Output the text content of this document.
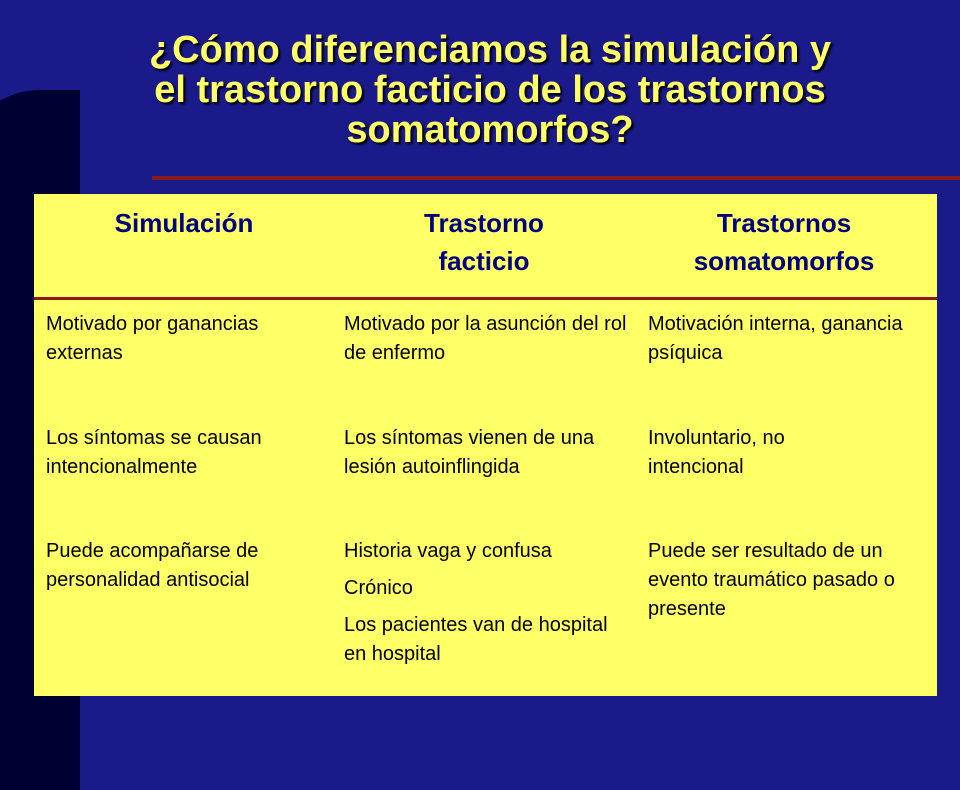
¿Cómo diferenciamos la simulación y
el trastorno facticio de los trastornos
somatomorfos?
Simulación	Trastorno
facticio
Trastornos
somatomorfos

Motivado por ganancias externas

Motivado por la asunción del rol de enfermo

Motivación interna, ganancia psíquica

Los síntomas se causan intencionalmente

Los síntomas vienen de una lesión autoinflingida

Involuntario, no intencional

Puede acompañarse de personalidad antisocial

Historia vaga y confusa

Crónico

Los pacientes van de hospital en hospital

Puede ser resultado de un evento traumático pasado o presente
